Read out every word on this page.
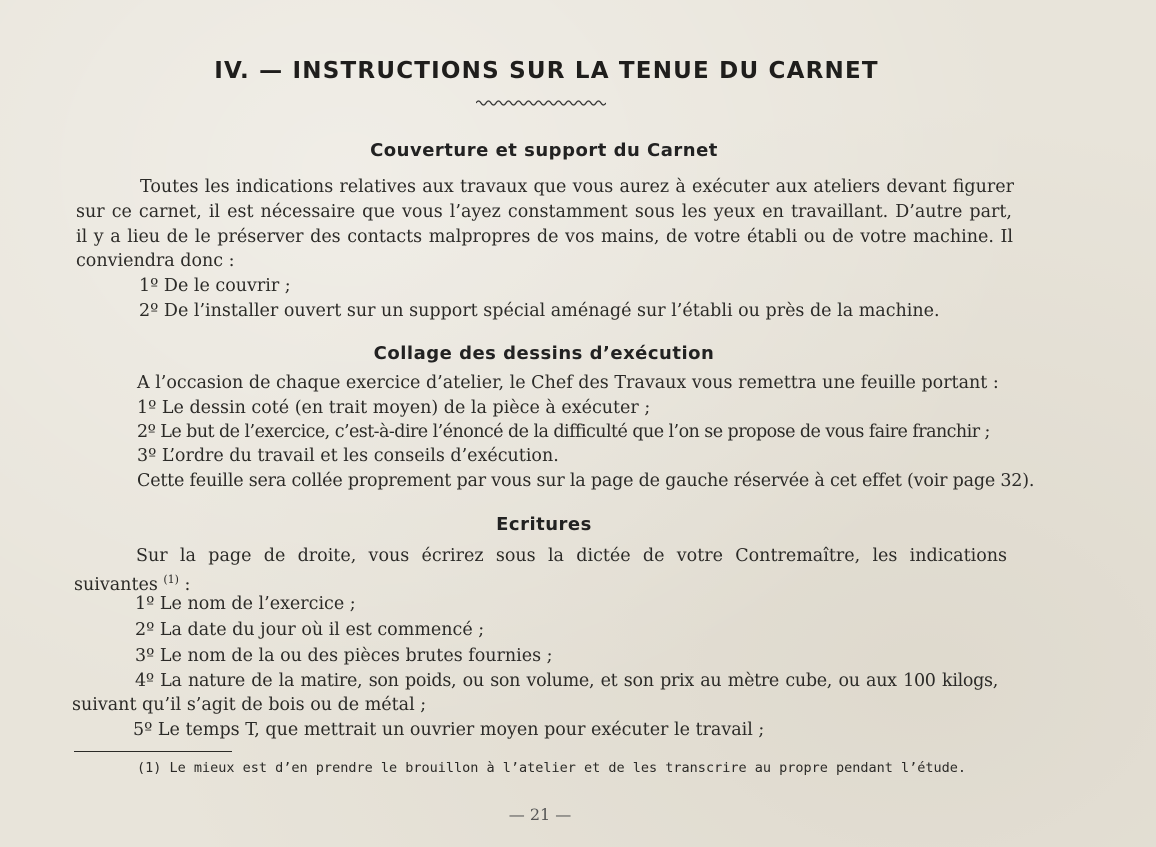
IV. — INSTRUCTIONS SUR LA TENUE DU CARNET
Couverture et support du Carnet
Toutes les indications relatives aux travaux que vous aurez à exécuter aux ateliers devant figurer
sur ce carnet, il est nécessaire que vous l’ayez constamment sous les yeux en travaillant. D’autre part,
il y a lieu de le préserver des contacts malpropres de vos mains, de votre établi ou de votre machine. Il
conviendra donc :
1º De le couvrir ;
2º De l’installer ouvert sur un support spécial aménagé sur l’établi ou près de la machine.
Collage des dessins d’exécution
A l’occasion de chaque exercice d’atelier, le Chef des Travaux vous remettra une feuille portant :
1º Le dessin coté (en trait moyen) de la pièce à exécuter ;
2º Le but de l’exercice, c’est-à-dire l’énoncé de la difficulté que l’on se propose de vous faire franchir ;
3º L’ordre du travail et les conseils d’exécution.
Cette feuille sera collée proprement par vous sur la page de gauche réservée à cet effet (voir page 32).
Ecritures
Sur la page de droite, vous écrirez sous la dictée de votre Contremaître, les indications
suivantes $^{(1)}$ :
1º Le nom de l’exercice ;
2º La date du jour où il est commencé ;
3º Le nom de la ou des pièces brutes fournies ;
4º La nature de la matire, son poids, ou son volume, et son prix au mètre cube, ou aux 100 kilogs,
suivant qu’il s’agit de bois ou de métal ;
5º Le temps T, que mettrait un ouvrier moyen pour exécuter le travail ;
(1) Le mieux est d’en prendre le brouillon à l’atelier et de les transcrire au propre pendant l’étude.
— 21 —
